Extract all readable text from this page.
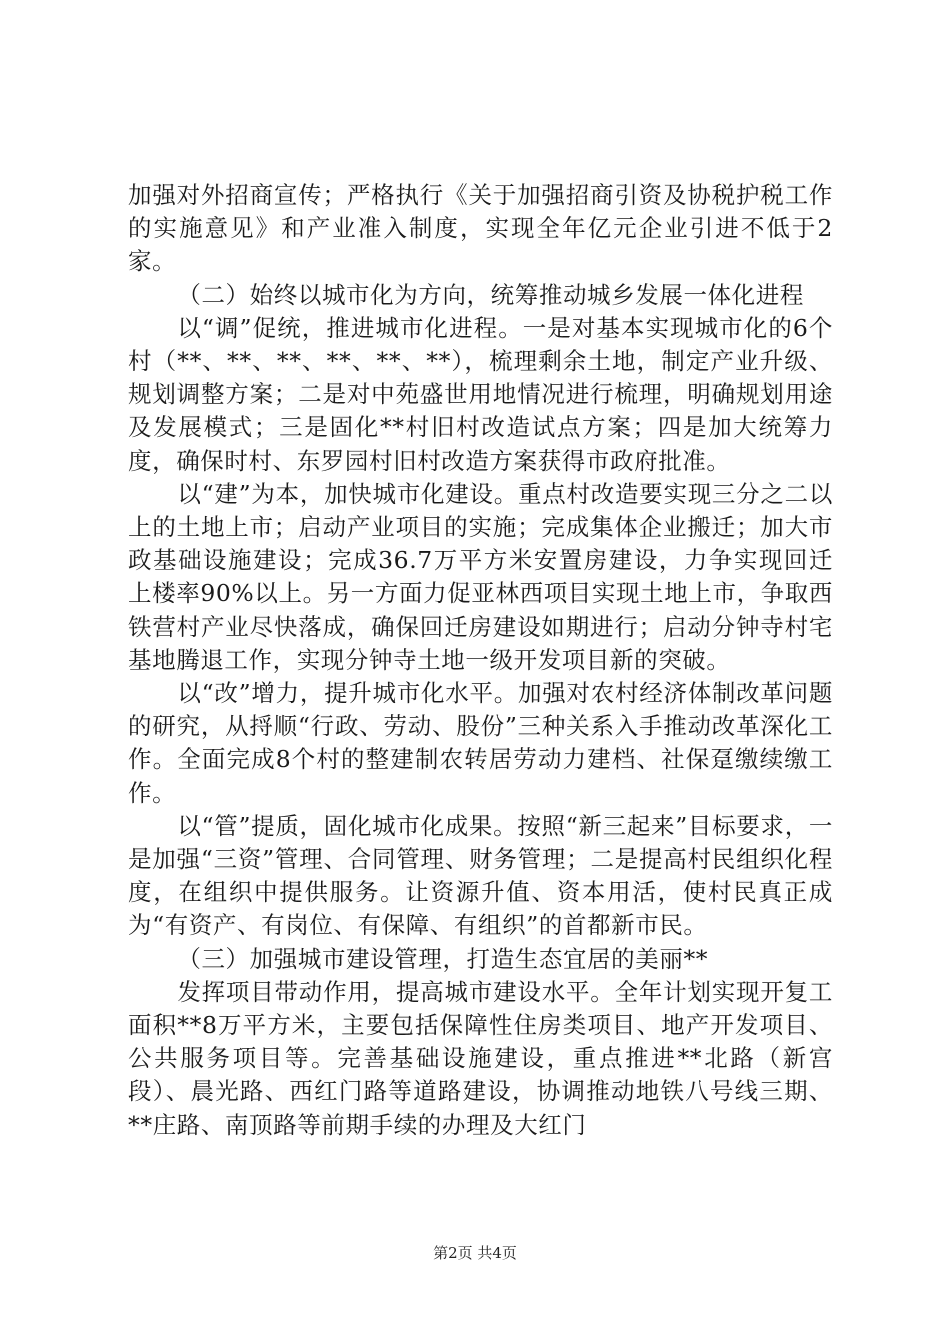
加强对外招商宣传；严格执行《关于加强招商引资及协税护税工作的实施意见》和产业准入制度，实现全年亿元企业引进不低于2家。

（二）始终以城市化为方向，统筹推动城乡发展一体化进程

以“调”促统，推进城市化进程。一是对基本实现城市化的6个村（**、**、**、**、**、**），梳理剩余土地，制定产业升级、规划调整方案；二是对中苑盛世用地情况进行梳理，明确规划用途及发展模式；三是固化**村旧村改造试点方案；四是加大统筹力度，确保时村、东罗园村旧村改造方案获得市政府批准。

以“建”为本，加快城市化建设。重点村改造要实现三分之二以上的土地上市；启动产业项目的实施；完成集体企业搬迁；加大市政基础设施建设；完成36.7万平方米安置房建设，力争实现回迁上楼率90%以上。另一方面力促亚林西项目实现土地上市，争取西铁营村产业尽快落成，确保回迁房建设如期进行；启动分钟寺村宅基地腾退工作，实现分钟寺土地一级开发项目新的突破。

以“改”增力，提升城市化水平。加强对农村经济体制改革问题的研究，从捋顺“行政、劳动、股份”三种关系入手推动改革深化工作。全面完成8个村的整建制农转居劳动力建档、社保趸缴续缴工作。

以“管”提质，固化城市化成果。按照“新三起来”目标要求，一是加强“三资”管理、合同管理、财务管理；二是提高村民组织化程度，在组织中提供服务。让资源升值、资本用活，使村民真正成为“有资产、有岗位、有保障、有组织”的首都新市民。

（三）加强城市建设管理，打造生态宜居的美丽**

发挥项目带动作用，提高城市建设水平。全年计划实现开复工面积**8万平方米，主要包括保障性住房类项目、地产开发项目、公共服务项目等。完善基础设施建设，重点推进**北路（新宫段）、晨光路、西红门路等道路建设，协调推动地铁八号线三期、**庄路、南顶路等前期手续的办理及大红门

第2页 共4页
